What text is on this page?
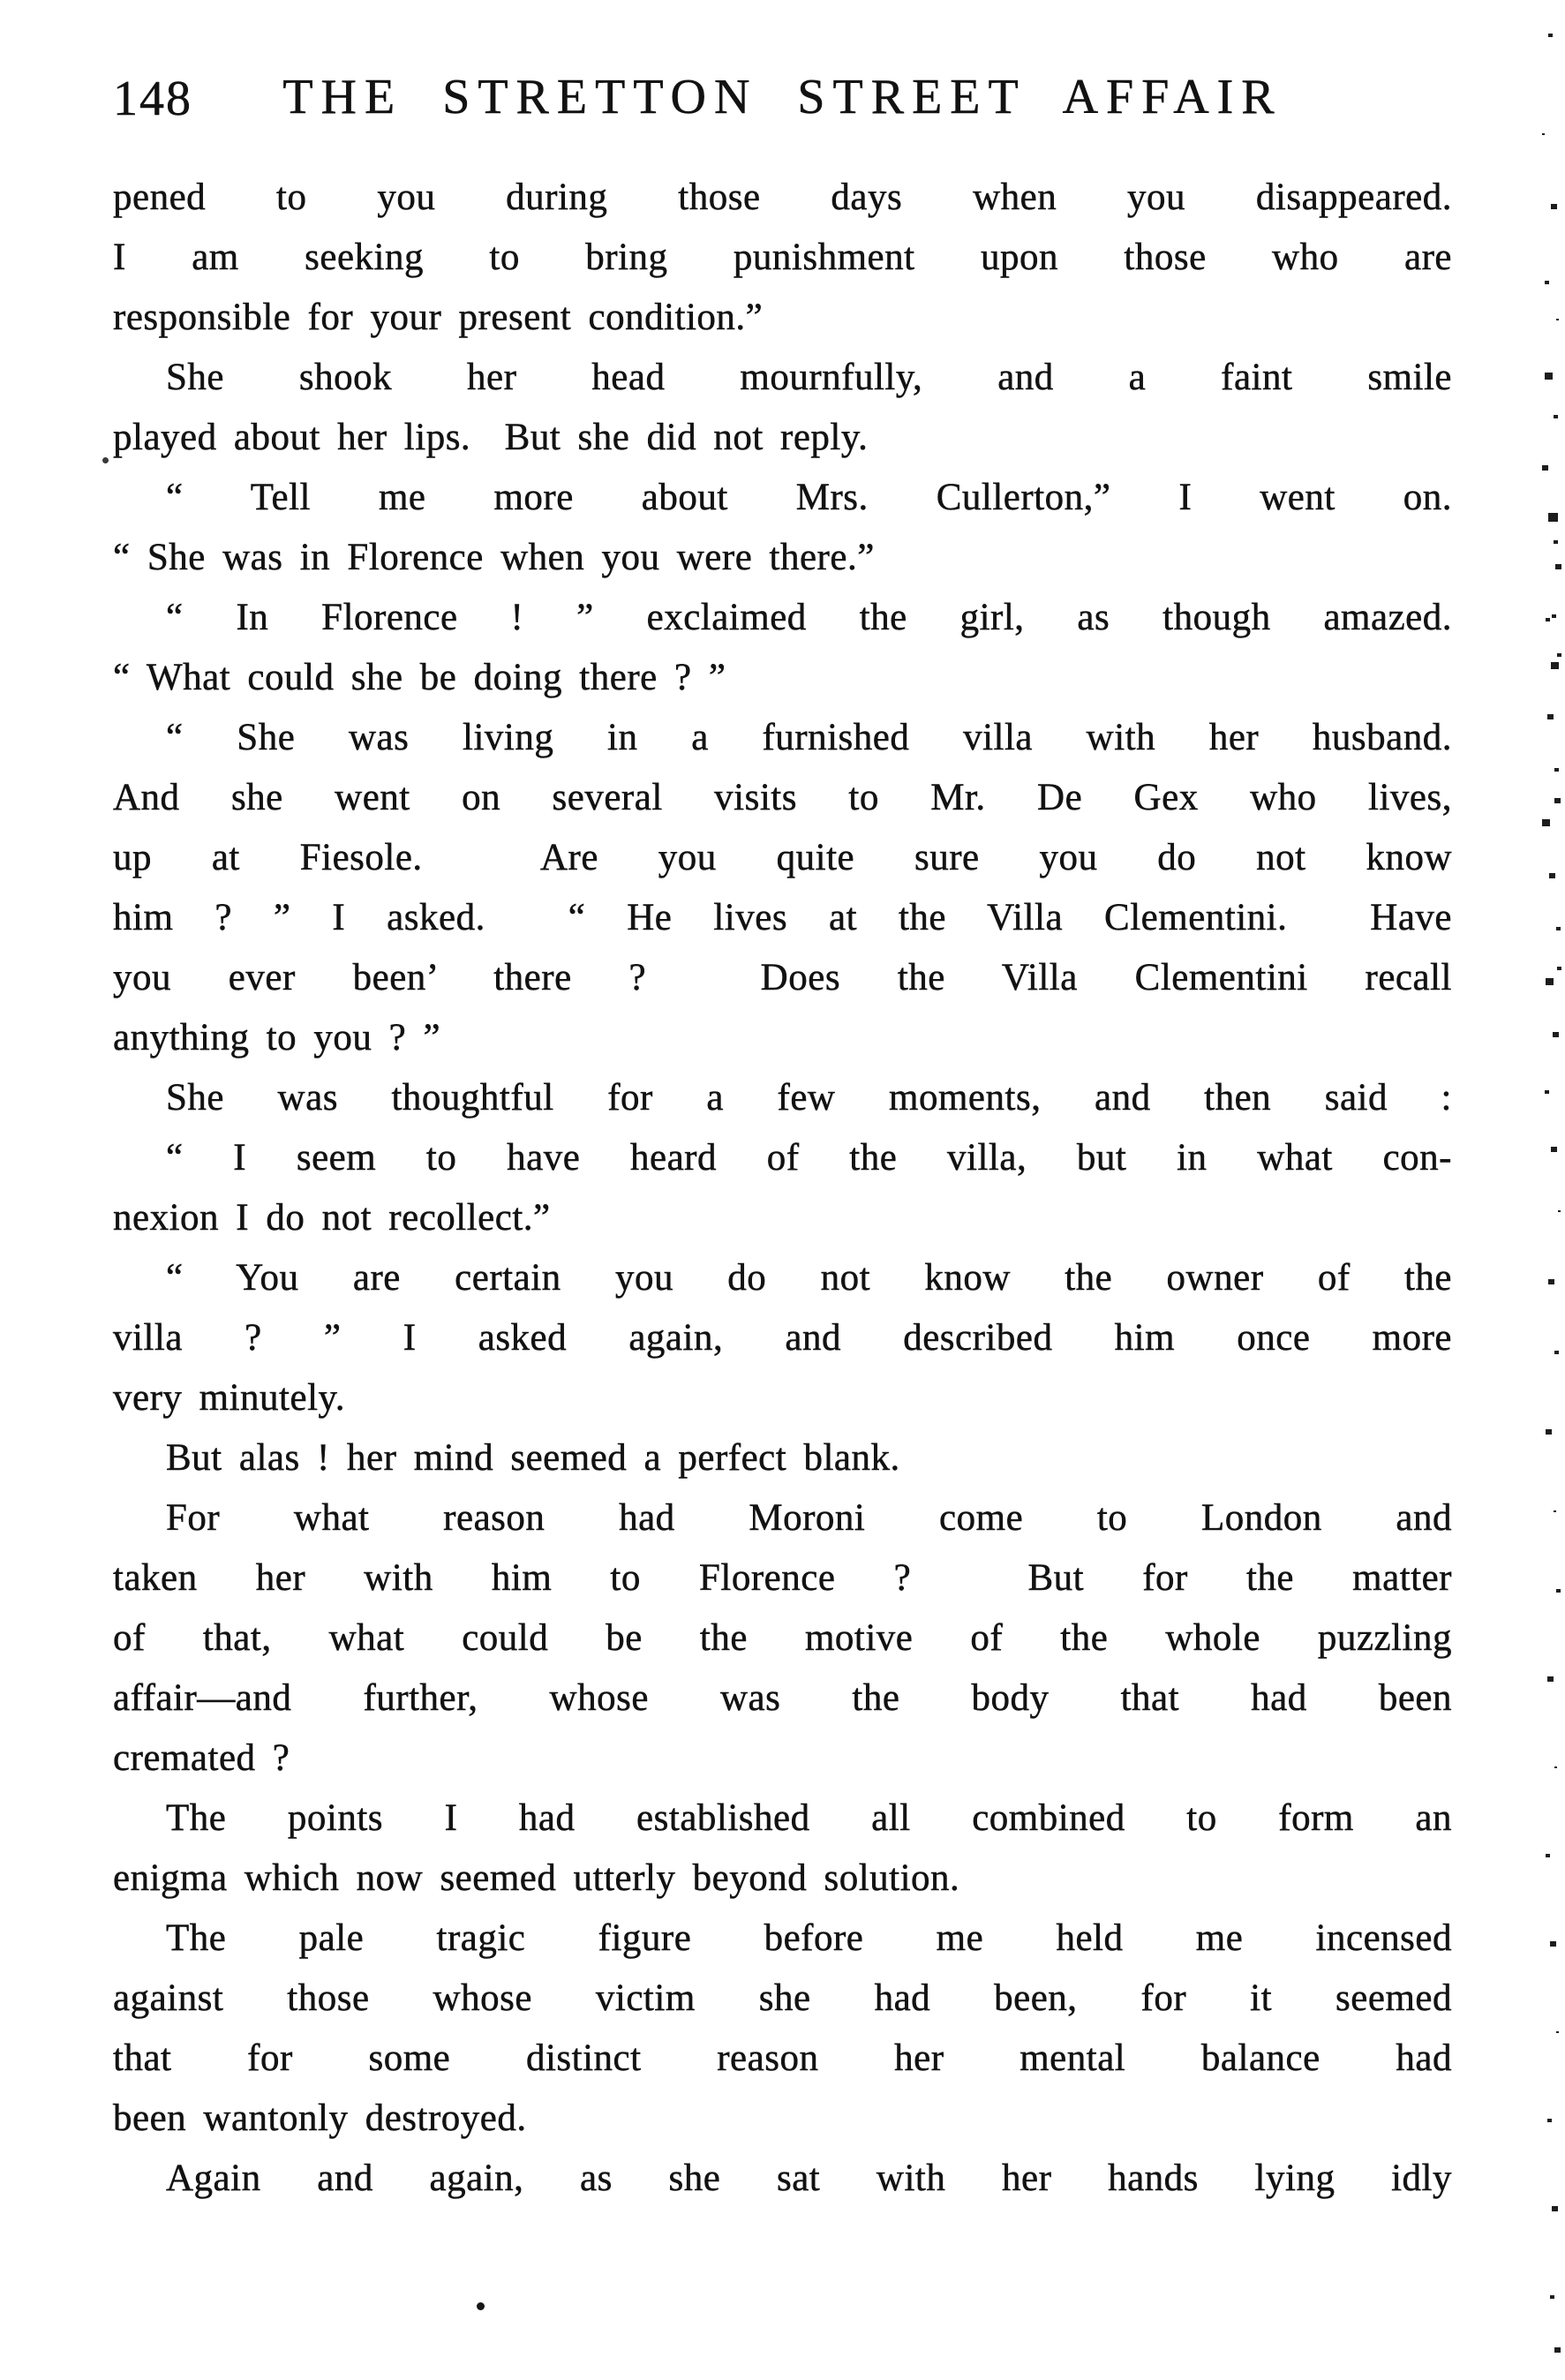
148	THE STRETTON STREET AFFAIR
pened to you during those days when you disappeared.
I am seeking to bring punishment upon those who are
responsible for your present condition.”
She shook her head mournfully, and a faint smile
played about her lips.  But she did not reply.
“ Tell me more about Mrs. Cullerton,” I went on.
“ She was in Florence when you were there.”
“ In Florence ! ” exclaimed the girl, as though amazed.
“ What could she be doing there ? ”
“ She was living in a furnished villa with her husband.
And she went on several visits to Mr. De Gex who lives,
up at Fiesole.  Are you quite sure you do not know
him ? ” I asked.  “ He lives at the Villa Clementini.  Have
you ever been’ there ?  Does the Villa Clementini recall
anything to you ? ”
She was thoughtful for a few moments, and then said :
“ I seem to have heard of the villa, but in what con-
nexion I do not recollect.”
“ You are certain you do not know the owner of the
villa ? ” I asked again, and described him once more
very minutely.
But alas ! her mind seemed a perfect blank.
For what reason had Moroni come to London and
taken her with him to Florence ?  But for the matter
of that, what could be the motive of the whole puzzling
affair—and further, whose was the body that had been
cremated ?
The points I had established all combined to form an
enigma which now seemed utterly beyond solution.
The pale tragic figure before me held me incensed
against those whose victim she had been, for it seemed
that for some distinct reason her mental balance had
been wantonly destroyed.
Again and again, as she sat with her hands lying idly
